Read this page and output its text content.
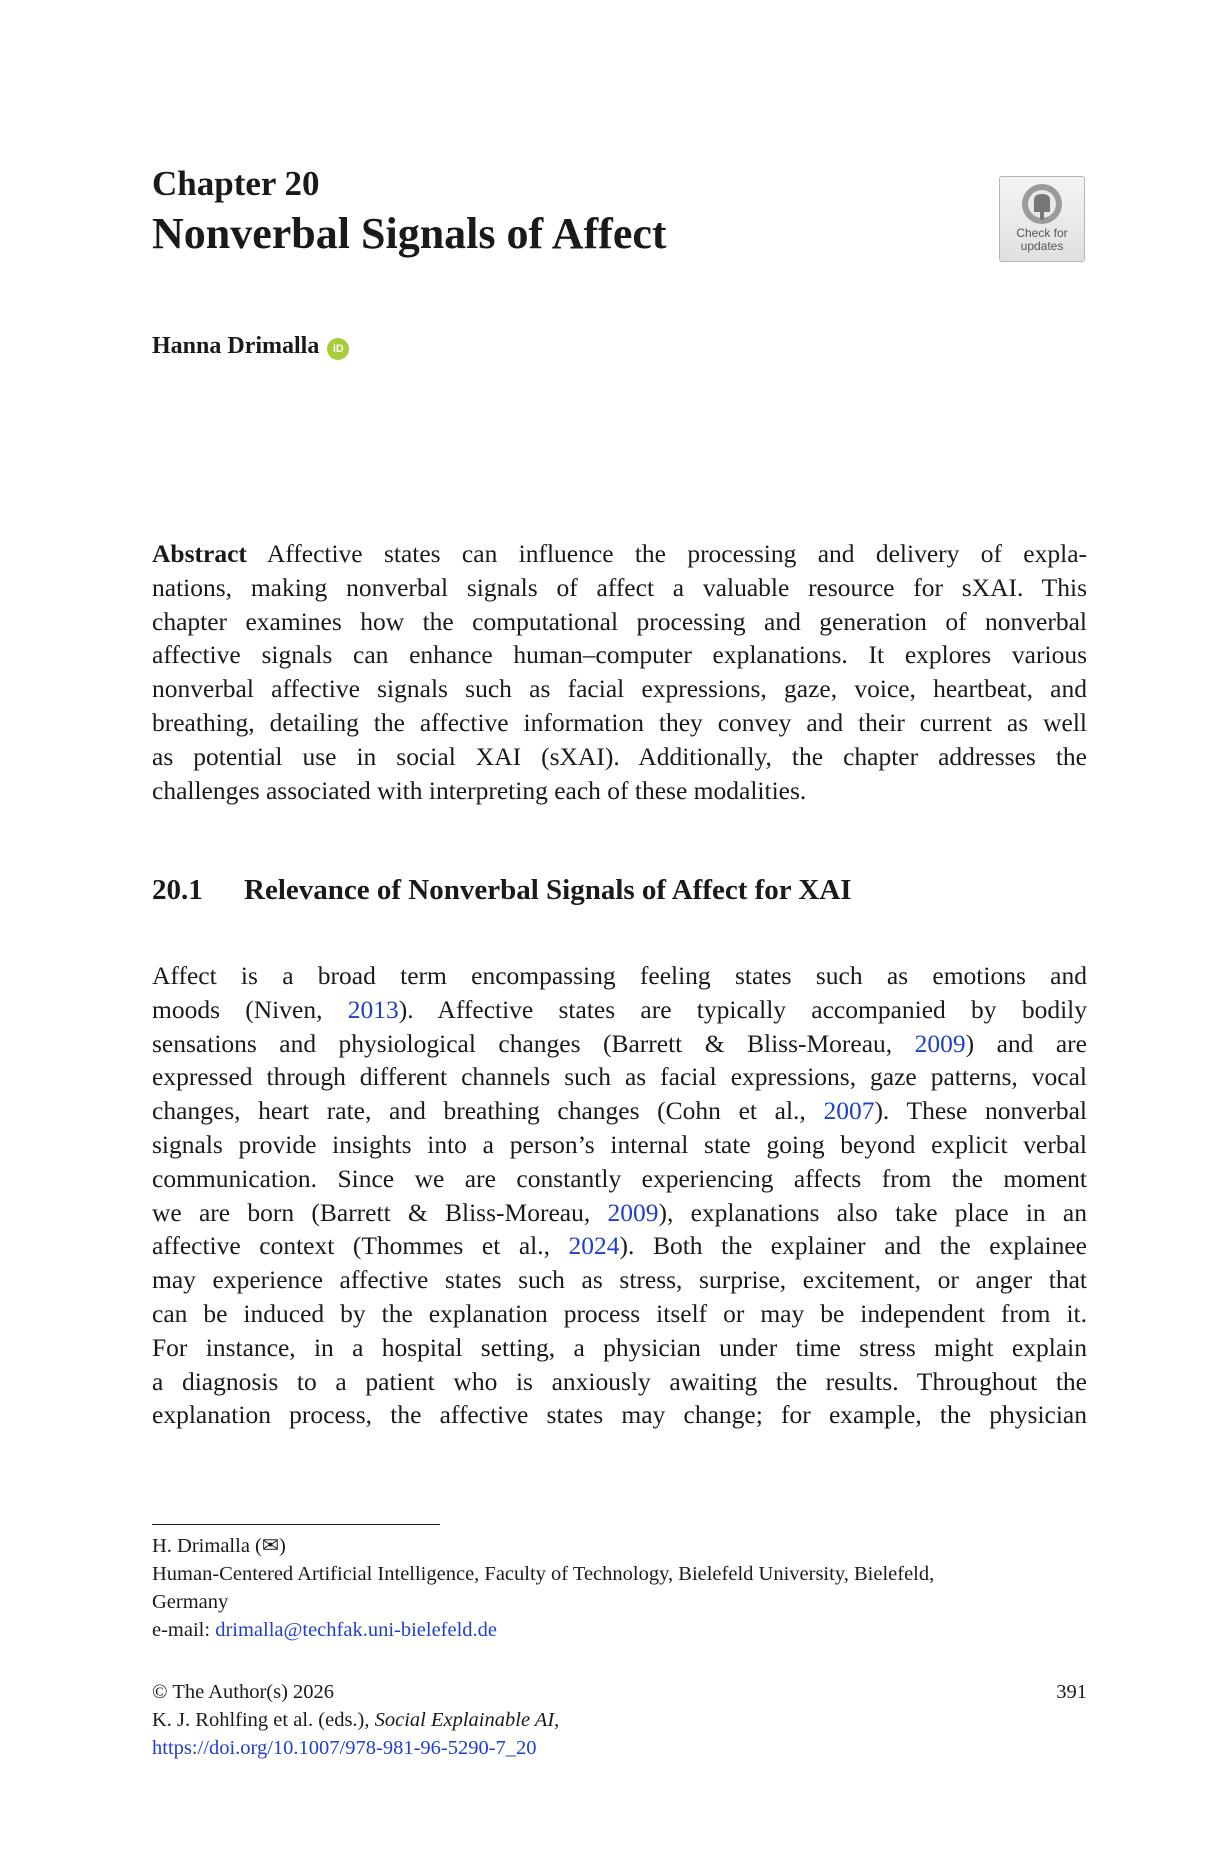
Chapter 20
Nonverbal Signals of Affect	Check for
updates
Hanna Drimalla	iD

Abstract Affective states can influence the processing and delivery of expla-

nations, making nonverbal signals of affect a valuable resource for sXAI. This

chapter examines how the computational processing and generation of nonverbal

affective signals can enhance human–computer explanations. It explores various

nonverbal affective signals such as facial expressions, gaze, voice, heartbeat, and

breathing, detailing the affective information they convey and their current as well

as potential use in social XAI (sXAI). Additionally, the chapter addresses the

challenges associated with interpreting each of these modalities.

20.1 Relevance of Nonverbal Signals of Affect for XAI

Affect is a broad term encompassing feeling states such as emotions and

moods (Niven, 2013). Affective states are typically accompanied by bodily

sensations and physiological changes (Barrett & Bliss-Moreau, 2009) and are

expressed through different channels such as facial expressions, gaze patterns, vocal

changes, heart rate, and breathing changes (Cohn et al., 2007). These nonverbal

signals provide insights into a person’s internal state going beyond explicit verbal

communication. Since we are constantly experiencing affects from the moment

we are born (Barrett & Bliss-Moreau, 2009), explanations also take place in an

affective context (Thommes et al., 2024). Both the explainer and the explainee

may experience affective states such as stress, surprise, excitement, or anger that

can be induced by the explanation process itself or may be independent from it.

For instance, in a hospital setting, a physician under time stress might explain

a diagnosis to a patient who is anxiously awaiting the results. Throughout the

explanation process, the affective states may change; for example, the physician

H. Drimalla (✉)

Human-Centered Artificial Intelligence, Faculty of Technology, Bielefeld University, Bielefeld,

Germany

e-mail: drimalla@techfak.uni-bielefeld.de

© The Author(s) 2026	391

K. J. Rohlfing et al. (eds.), Social Explainable AI,

https://doi.org/10.1007/978-981-96-5290-7_20
